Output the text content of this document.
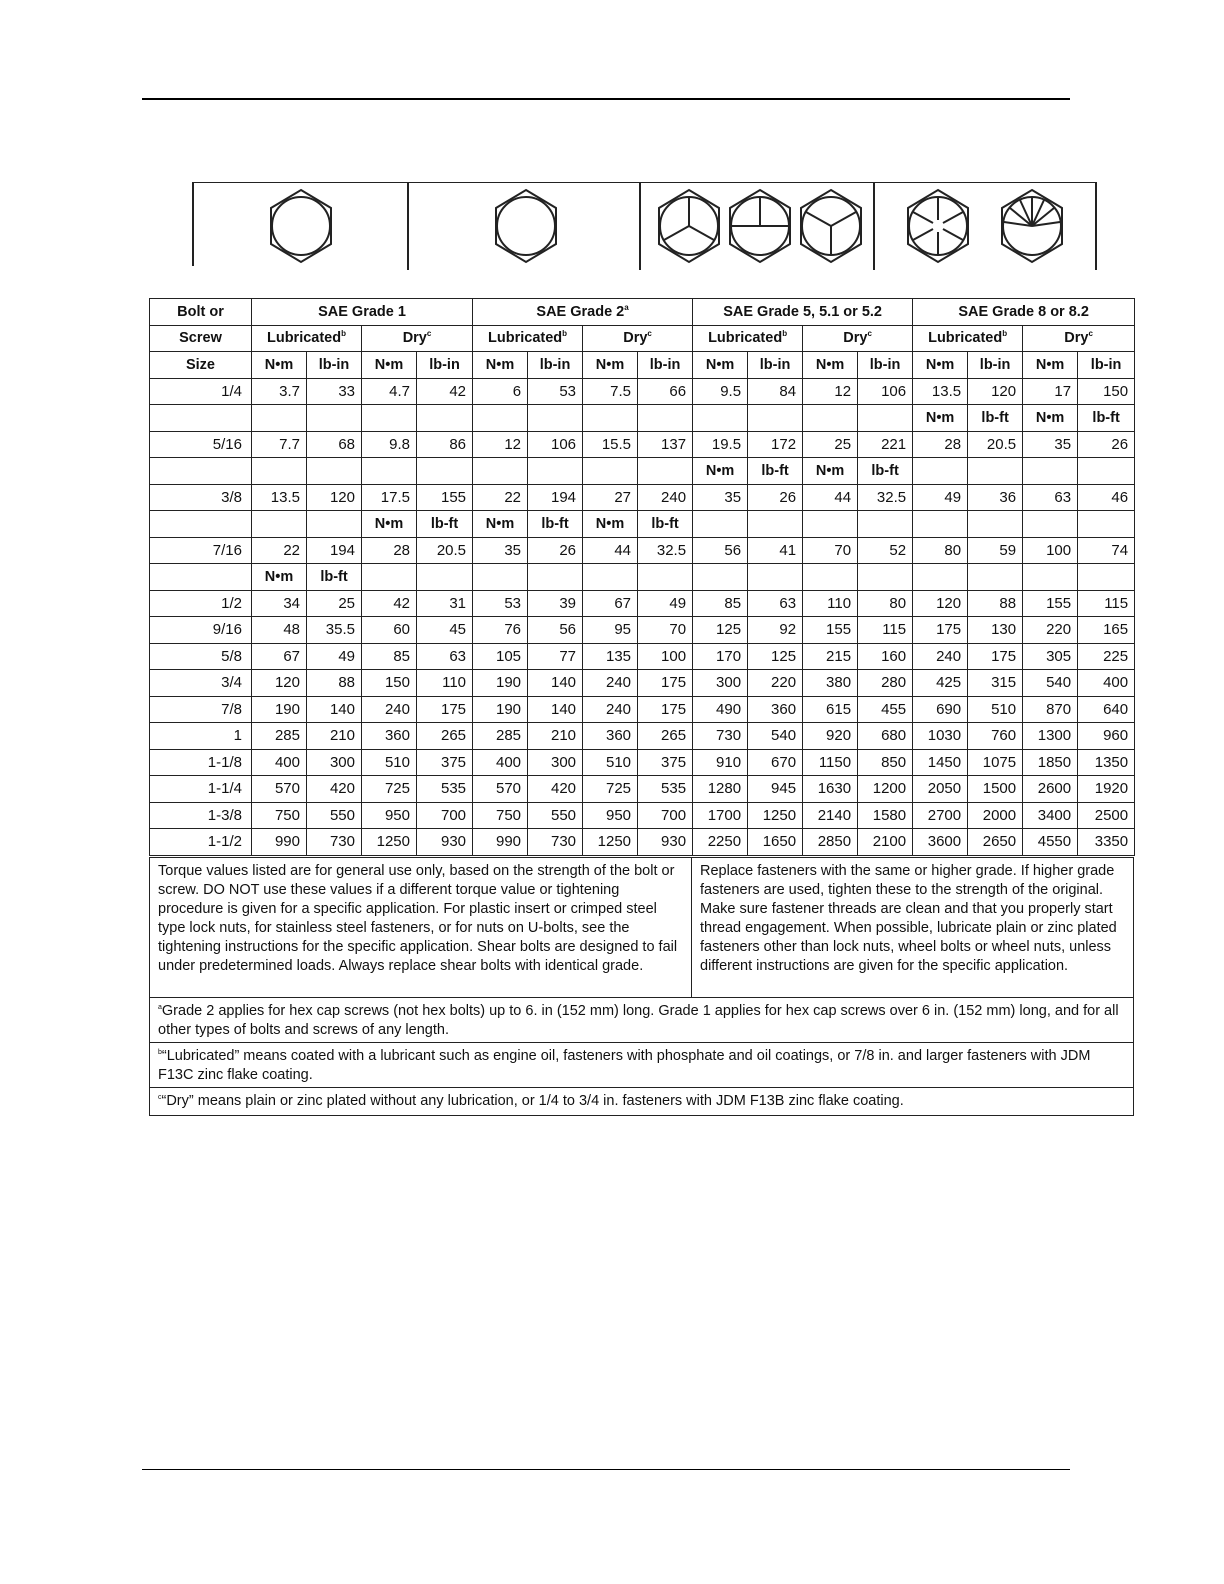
Bolt or	SAE Grade 1				SAE Grade 2$^a$				SAE Grade 5, 5.1 or 5.2				SAE Grade 8 or 8.2			
Screw	Lubricated$^b$		Dry$^c$		Lubricated$^b$		Dry$^c$		Lubricated$^b$		Dry$^c$		Lubricated$^b$		Dry$^c$
Size	N•m	lb-in	N•m	lb-in	N•m	lb-in	N•m	lb-in	N•m	lb-in	N•m	lb-in	N•m	lb-in	N•m	lb-in
1/4	3.7	33	4.7	42	6	53	7.5	66	9.5	84	12	106	13.5	120	17	150
													N•m	lb-ft	N•m	lb-ft
5/16	7.7	68	9.8	86	12	106	15.5	137	19.5	172	25	221	28	20.5	35	26
									N•m	lb-ft	N•m	lb-ft				
3/8	13.5	120	17.5	155	22	194	27	240	35	26	44	32.5	49	36	63	46
			N•m	lb-ft	N•m	lb-ft	N•m	lb-ft								
7/16	22	194	28	20.5	35	26	44	32.5	56	41	70	52	80	59	100	74
	N•m	lb-ft														
1/2	34	25	42	31	53	39	67	49	85	63	110	80	120	88	155	115
9/16	48	35.5	60	45	76	56	95	70	125	92	155	115	175	130	220	165
5/8	67	49	85	63	105	77	135	100	170	125	215	160	240	175	305	225
3/4	120	88	150	110	190	140	240	175	300	220	380	280	425	315	540	400
7/8	190	140	240	175	190	140	240	175	490	360	615	455	690	510	870	640
1	285	210	360	265	285	210	360	265	730	540	920	680	1030	760	1300	960
1-1/8	400	300	510	375	400	300	510	375	910	670	1150	850	1450	1075	1850	1350
1-1/4	570	420	725	535	570	420	725	535	1280	945	1630	1200	2050	1500	2600	1920
1-3/8	750	550	950	700	750	550	950	700	1700	1250	2140	1580	2700	2000	3400	2500
1-1/2	990	730	1250	930	990	730	1250	930	2250	1650	2850	2100	3600	2650	4550	3350
Torque values listed are for general use only, based on the strength of the bolt or screw. DO NOT use these values if a different torque value or tightening procedure is given for a specific application. For plastic insert or crimped steel type lock nuts, for stainless steel fasteners, or for nuts on U-bolts, see the tightening instructions for the specific application. Shear bolts are designed to fail under predetermined loads. Always replace shear bolts with identical grade.
Replace fasteners with the same or higher grade. If higher grade fasteners are used, tighten these to the strength of the original. Make sure fastener threads are clean and that you properly start thread engagement. When possible, lubricate plain or zinc plated fasteners other than lock nuts, wheel bolts or wheel nuts, unless different instructions are given for the specific application.
$^a$Grade 2 applies for hex cap screws (not hex bolts) up to 6. in (152 mm) long. Grade 1 applies for hex cap screws over 6 in. (152 mm) long, and for all other types of bolts and screws of any length.
$^b$“Lubricated” means coated with a lubricant such as engine oil, fasteners with phosphate and oil coatings, or 7/8 in. and larger fasteners with JDM F13C zinc flake coating.
$^c$“Dry” means plain or zinc plated without any lubrication, or 1/4 to 3/4 in. fasteners with JDM F13B zinc flake coating.
